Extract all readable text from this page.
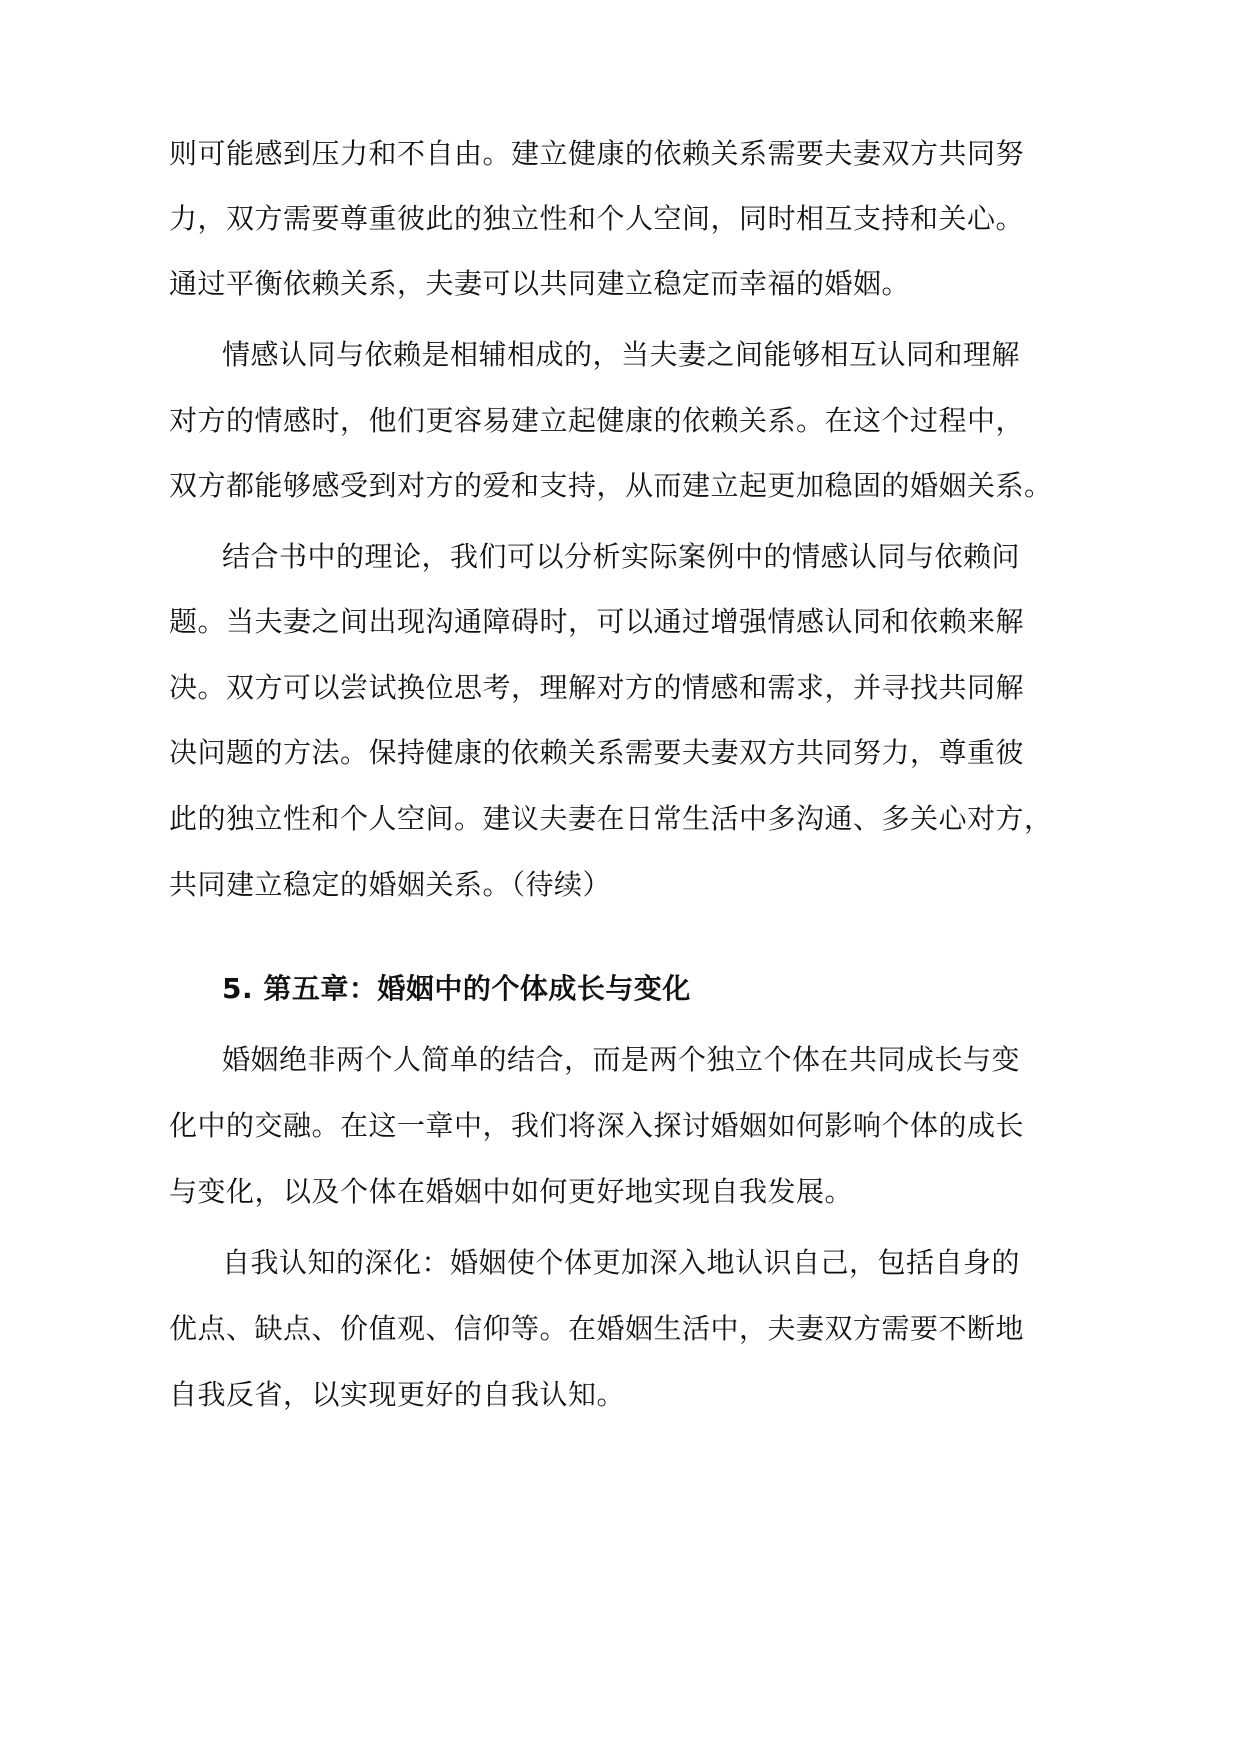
则可能感到压力和不自由。建立健康的依赖关系需要夫妻双方共同努
力，双方需要尊重彼此的独立性和个人空间，同时相互支持和关心。
通过平衡依赖关系，夫妻可以共同建立稳定而幸福的婚姻。
情感认同与依赖是相辅相成的，当夫妻之间能够相互认同和理解
对方的情感时，他们更容易建立起健康的依赖关系。在这个过程中，
双方都能够感受到对方的爱和支持，从而建立起更加稳固的婚姻关系。
结合书中的理论，我们可以分析实际案例中的情感认同与依赖问
题。当夫妻之间出现沟通障碍时，可以通过增强情感认同和依赖来解
决。双方可以尝试换位思考，理解对方的情感和需求，并寻找共同解
决问题的方法。保持健康的依赖关系需要夫妻双方共同努力，尊重彼
此的独立性和个人空间。建议夫妻在日常生活中多沟通、多关心对方，
共同建立稳定的婚姻关系。（待续）
5. 第五章：婚姻中的个体成长与变化
婚姻绝非两个人简单的结合，而是两个独立个体在共同成长与变
化中的交融。在这一章中，我们将深入探讨婚姻如何影响个体的成长
与变化，以及个体在婚姻中如何更好地实现自我发展。
自我认知的深化：婚姻使个体更加深入地认识自己，包括自身的
优点、缺点、价值观、信仰等。在婚姻生活中，夫妻双方需要不断地
自我反省，以实现更好的自我认知。
